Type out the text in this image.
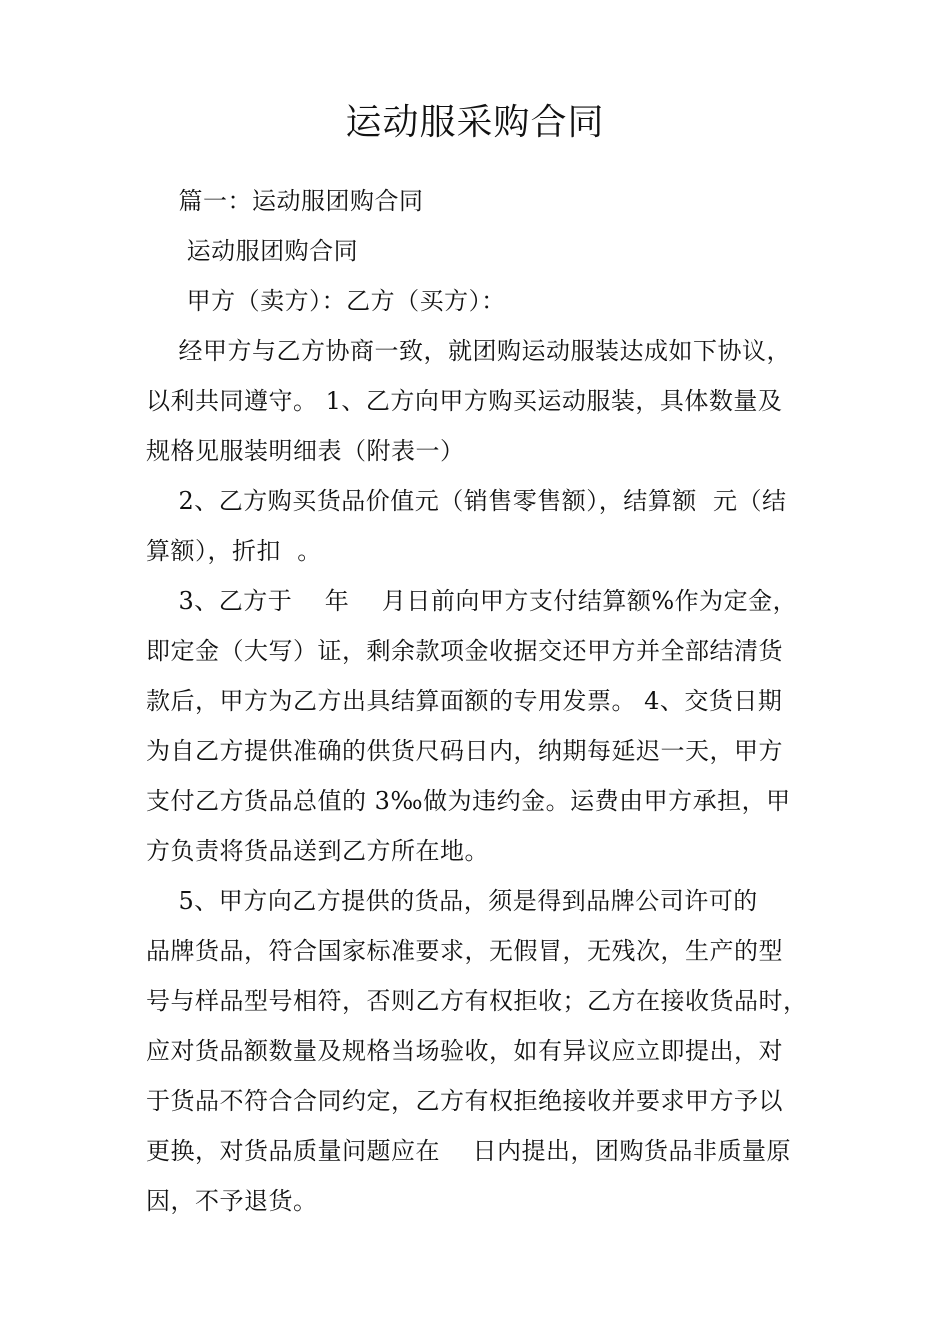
运动服采购合同

篇一：运动服团购合同

运动服团购合同

甲方（卖方）：乙方（买方）：

经甲方与乙方协商一致，就团购运动服装达成如下协议，

以利共同遵守。 1、乙方向甲方购买运动服装，具体数量及

规格见服装明细表（附表一）

2、乙方购买货品价值元（销售零售额），结算额  元（结

算额），折扣  。

3、乙方于    年    月日前向甲方支付结算额%作为定金，

即定金（大写）证，剩余款项金收据交还甲方并全部结清货

款后，甲方为乙方出具结算面额的专用发票。 4、交货日期

为自乙方提供准确的供货尺码日内，纳期每延迟一天，甲方

支付乙方货品总值的 3‰做为违约金。运费由甲方承担，甲

方负责将货品送到乙方所在地。

5、甲方向乙方提供的货品，须是得到品牌公司许可的

品牌货品，符合国家标准要求，无假冒，无残次，生产的型

号与样品型号相符，否则乙方有权拒收；乙方在接收货品时，

应对货品额数量及规格当场验收，如有异议应立即提出，对

于货品不符合合同约定，乙方有权拒绝接收并要求甲方予以

更换，对货品质量问题应在    日内提出，团购货品非质量原

因，不予退货。
